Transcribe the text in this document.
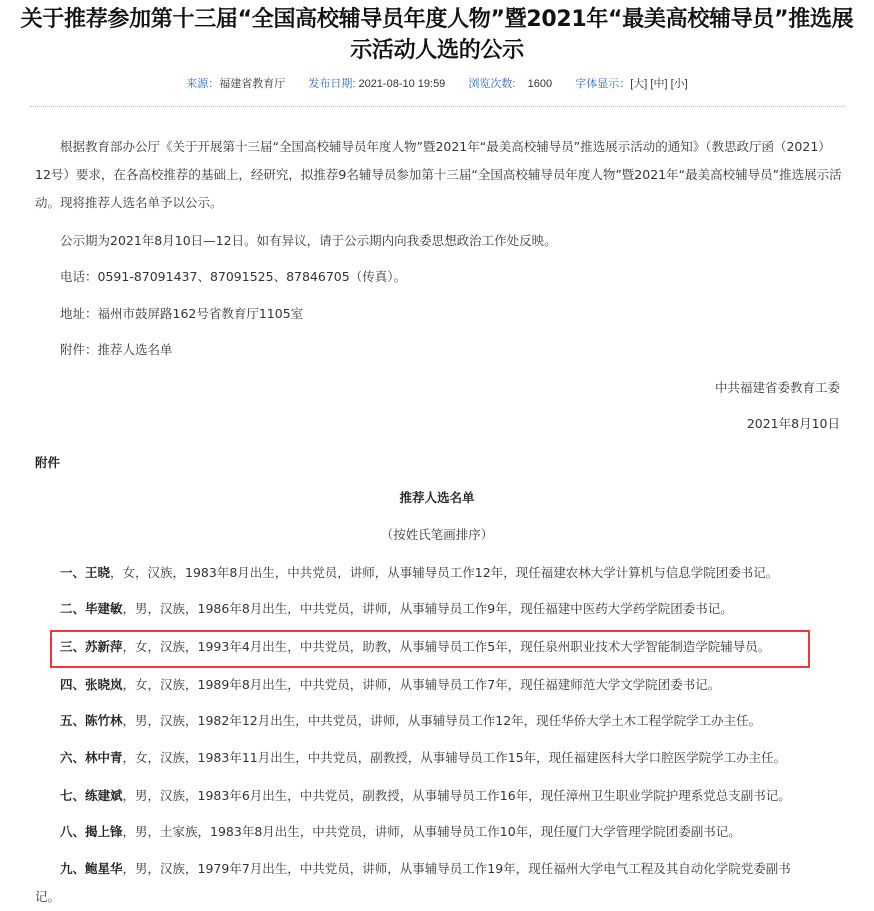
关于推荐参加第十三届“全国高校辅导员年度人物”暨2021年“最美高校辅导员”推选展示活动人选的公示
来源：福建省教育厅 发布日期: 2021-08-10 19:59 浏览次数: 1600 字体显示：[大] [中] [小]
根据教育部办公厅《关于开展第十三届“全国高校辅导员年度人物”暨2021年“最美高校辅导员”推选展示活动的通知》（教思政厅函（2021）12号）要求，在各高校推荐的基础上，经研究，拟推荐9名辅导员参加第十三届“全国高校辅导员年度人物”暨2021年“最美高校辅导员”推选展示活动。现将推荐人选名单予以公示。
公示期为2021年8月10日—12日。如有异议，请于公示期内向我委思想政治工作处反映。
电话：0591-87091437、87091525、87846705（传真）。
地址：福州市鼓屏路162号省教育厅1105室
附件：推荐人选名单
中共福建省委教育工委
2021年8月10日
附件
推荐人选名单
（按姓氏笔画排序）
一、王晓，女，汉族，1983年8月出生，中共党员，讲师，从事辅导员工作12年，现任福建农林大学计算机与信息学院团委书记。
二、毕建敏，男，汉族，1986年8月出生，中共党员，讲师，从事辅导员工作9年，现任福建中医药大学药学院团委书记。
三、苏新萍，女，汉族，1993年4月出生，中共党员，助教，从事辅导员工作5年，现任泉州职业技术大学智能制造学院辅导员。
四、张晓岚，女，汉族，1989年8月出生，中共党员，讲师，从事辅导员工作7年，现任福建师范大学文学院团委书记。
五、陈竹林，男，汉族，1982年12月出生，中共党员，讲师，从事辅导员工作12年，现任华侨大学土木工程学院学工办主任。
六、林中青，女，汉族，1983年11月出生，中共党员，副教授，从事辅导员工作15年，现任福建医科大学口腔医学院学工办主任。
七、练建斌，男，汉族，1983年6月出生，中共党员，副教授，从事辅导员工作16年，现任漳州卫生职业学院护理系党总支副书记。
八、揭上锋，男，土家族，1983年8月出生，中共党员，讲师，从事辅导员工作10年，现任厦门大学管理学院团委副书记。
九、鲍星华，男，汉族，1979年7月出生，中共党员，讲师，从事辅导员工作19年，现任福州大学电气工程及其自动化学院党委副书
记。
